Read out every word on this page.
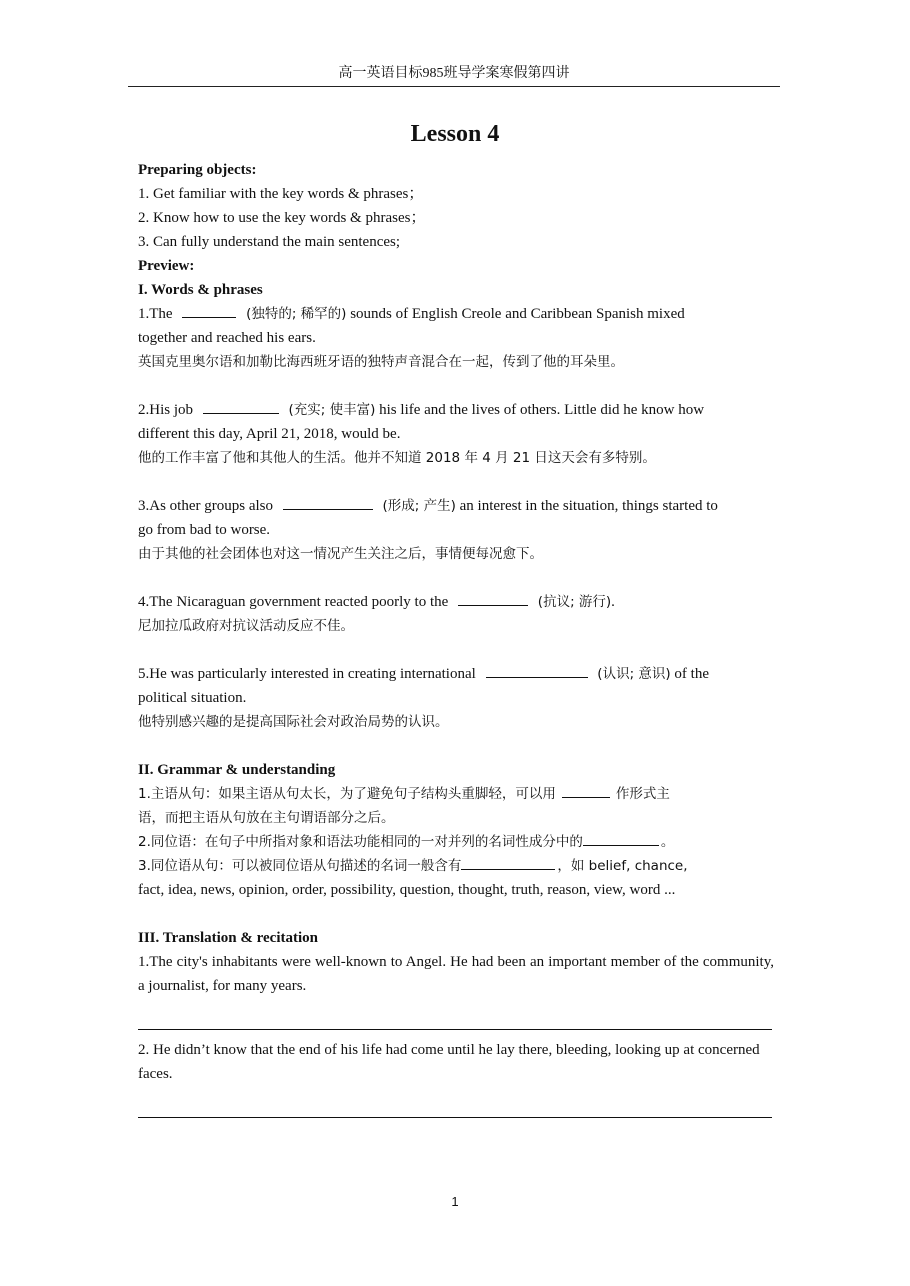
高一英语目标985班导学案寒假第四讲
Lesson 4

Preparing objects:

1. Get familiar with the key words & phrases；

2. Know how to use the key words & phrases；

3. Can fully understand the main sentences;

Preview:

I. Words & phrases

1.The	(独特的; 稀罕的) sounds of English Creole and Caribbean Spanish mixed

together and reached his ears.

英国克里奥尔语和加勒比海西班牙语的独特声音混合在一起，传到了他的耳朵里。

2.His job	(充实; 使丰富) his life and the lives of others. Little did he know how

different this day, April 21, 2018, would be.

他的工作丰富了他和其他人的生活。他并不知道 2018 年 4 月 21 日这天会有多特别。

3.As other groups also	(形成; 产生) an interest in the situation, things started to

go from bad to worse.

由于其他的社会团体也对这一情况产生关注之后，事情便每况愈下。

4.The Nicaraguan government reacted poorly to the	(抗议; 游行).

尼加拉瓜政府对抗议活动反应不佳。

5.He was particularly interested in creating international	(认识; 意识) of the

political situation.

他特别感兴趣的是提高国际社会对政治局势的认识。

II. Grammar & understanding

1.主语从句：如果主语从句太长，为了避免句子结构头重脚轻，可以用	作形式主

语，而把主语从句放在主句谓语部分之后。

2.同位语：在句子中所指对象和语法功能相同的一对并列的名词性成分中的	。

3.同位语从句：可以被同位语从句描述的名词一般含有	，如 belief, chance,

fact, idea, news, opinion, order, possibility, question, thought, truth, reason, view, word ...

III. Translation & recitation

1.The city's inhabitants were well-known to Angel. He had been an important member of the community, a journalist, for many years.

2. He didn’t know that the end of his life had come until he lay there, bleeding, looking up at concerned faces.

1
